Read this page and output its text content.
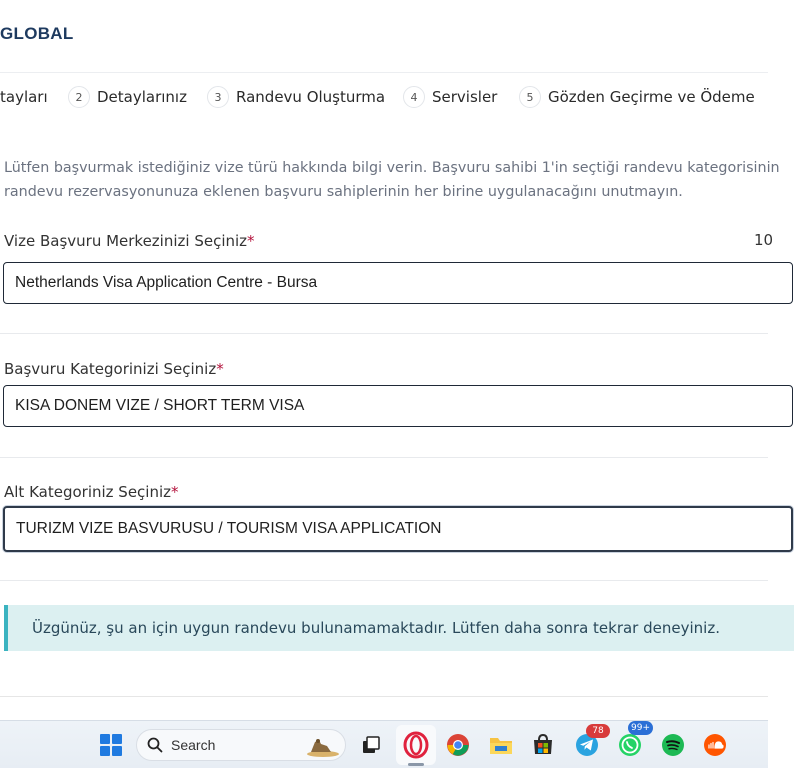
GLOBAL
tayları	2 Detaylarınız	3 Randevu Oluşturma	4 Servisler	5 Gözden Geçirme ve Ödeme

Lütfen başvurmak istediğiniz vize türü hakkında bilgi verin. Başvuru sahibi 1'in seçtiği randevu kategorisinin

randevu rezervasyonunuza eklenen başvuru sahiplerinin her birine uygulanacağını unutmayın.

Vize Başvuru Merkezinizi Seçiniz*	10
Netherlands Visa Application Centre - Bursa
Başvuru Kategorinizi Seçiniz*
KISA DONEM VIZE / SHORT TERM VISA
Alt Kategoriniz Seçiniz*
TURIZM VIZE BASVURUSU / TOURISM VISA APPLICATION
Üzgünüz, şu an için uygun randevu bulunamamaktadır. Lütfen daha sonra tekrar deneyiniz.
Search
78	99+
